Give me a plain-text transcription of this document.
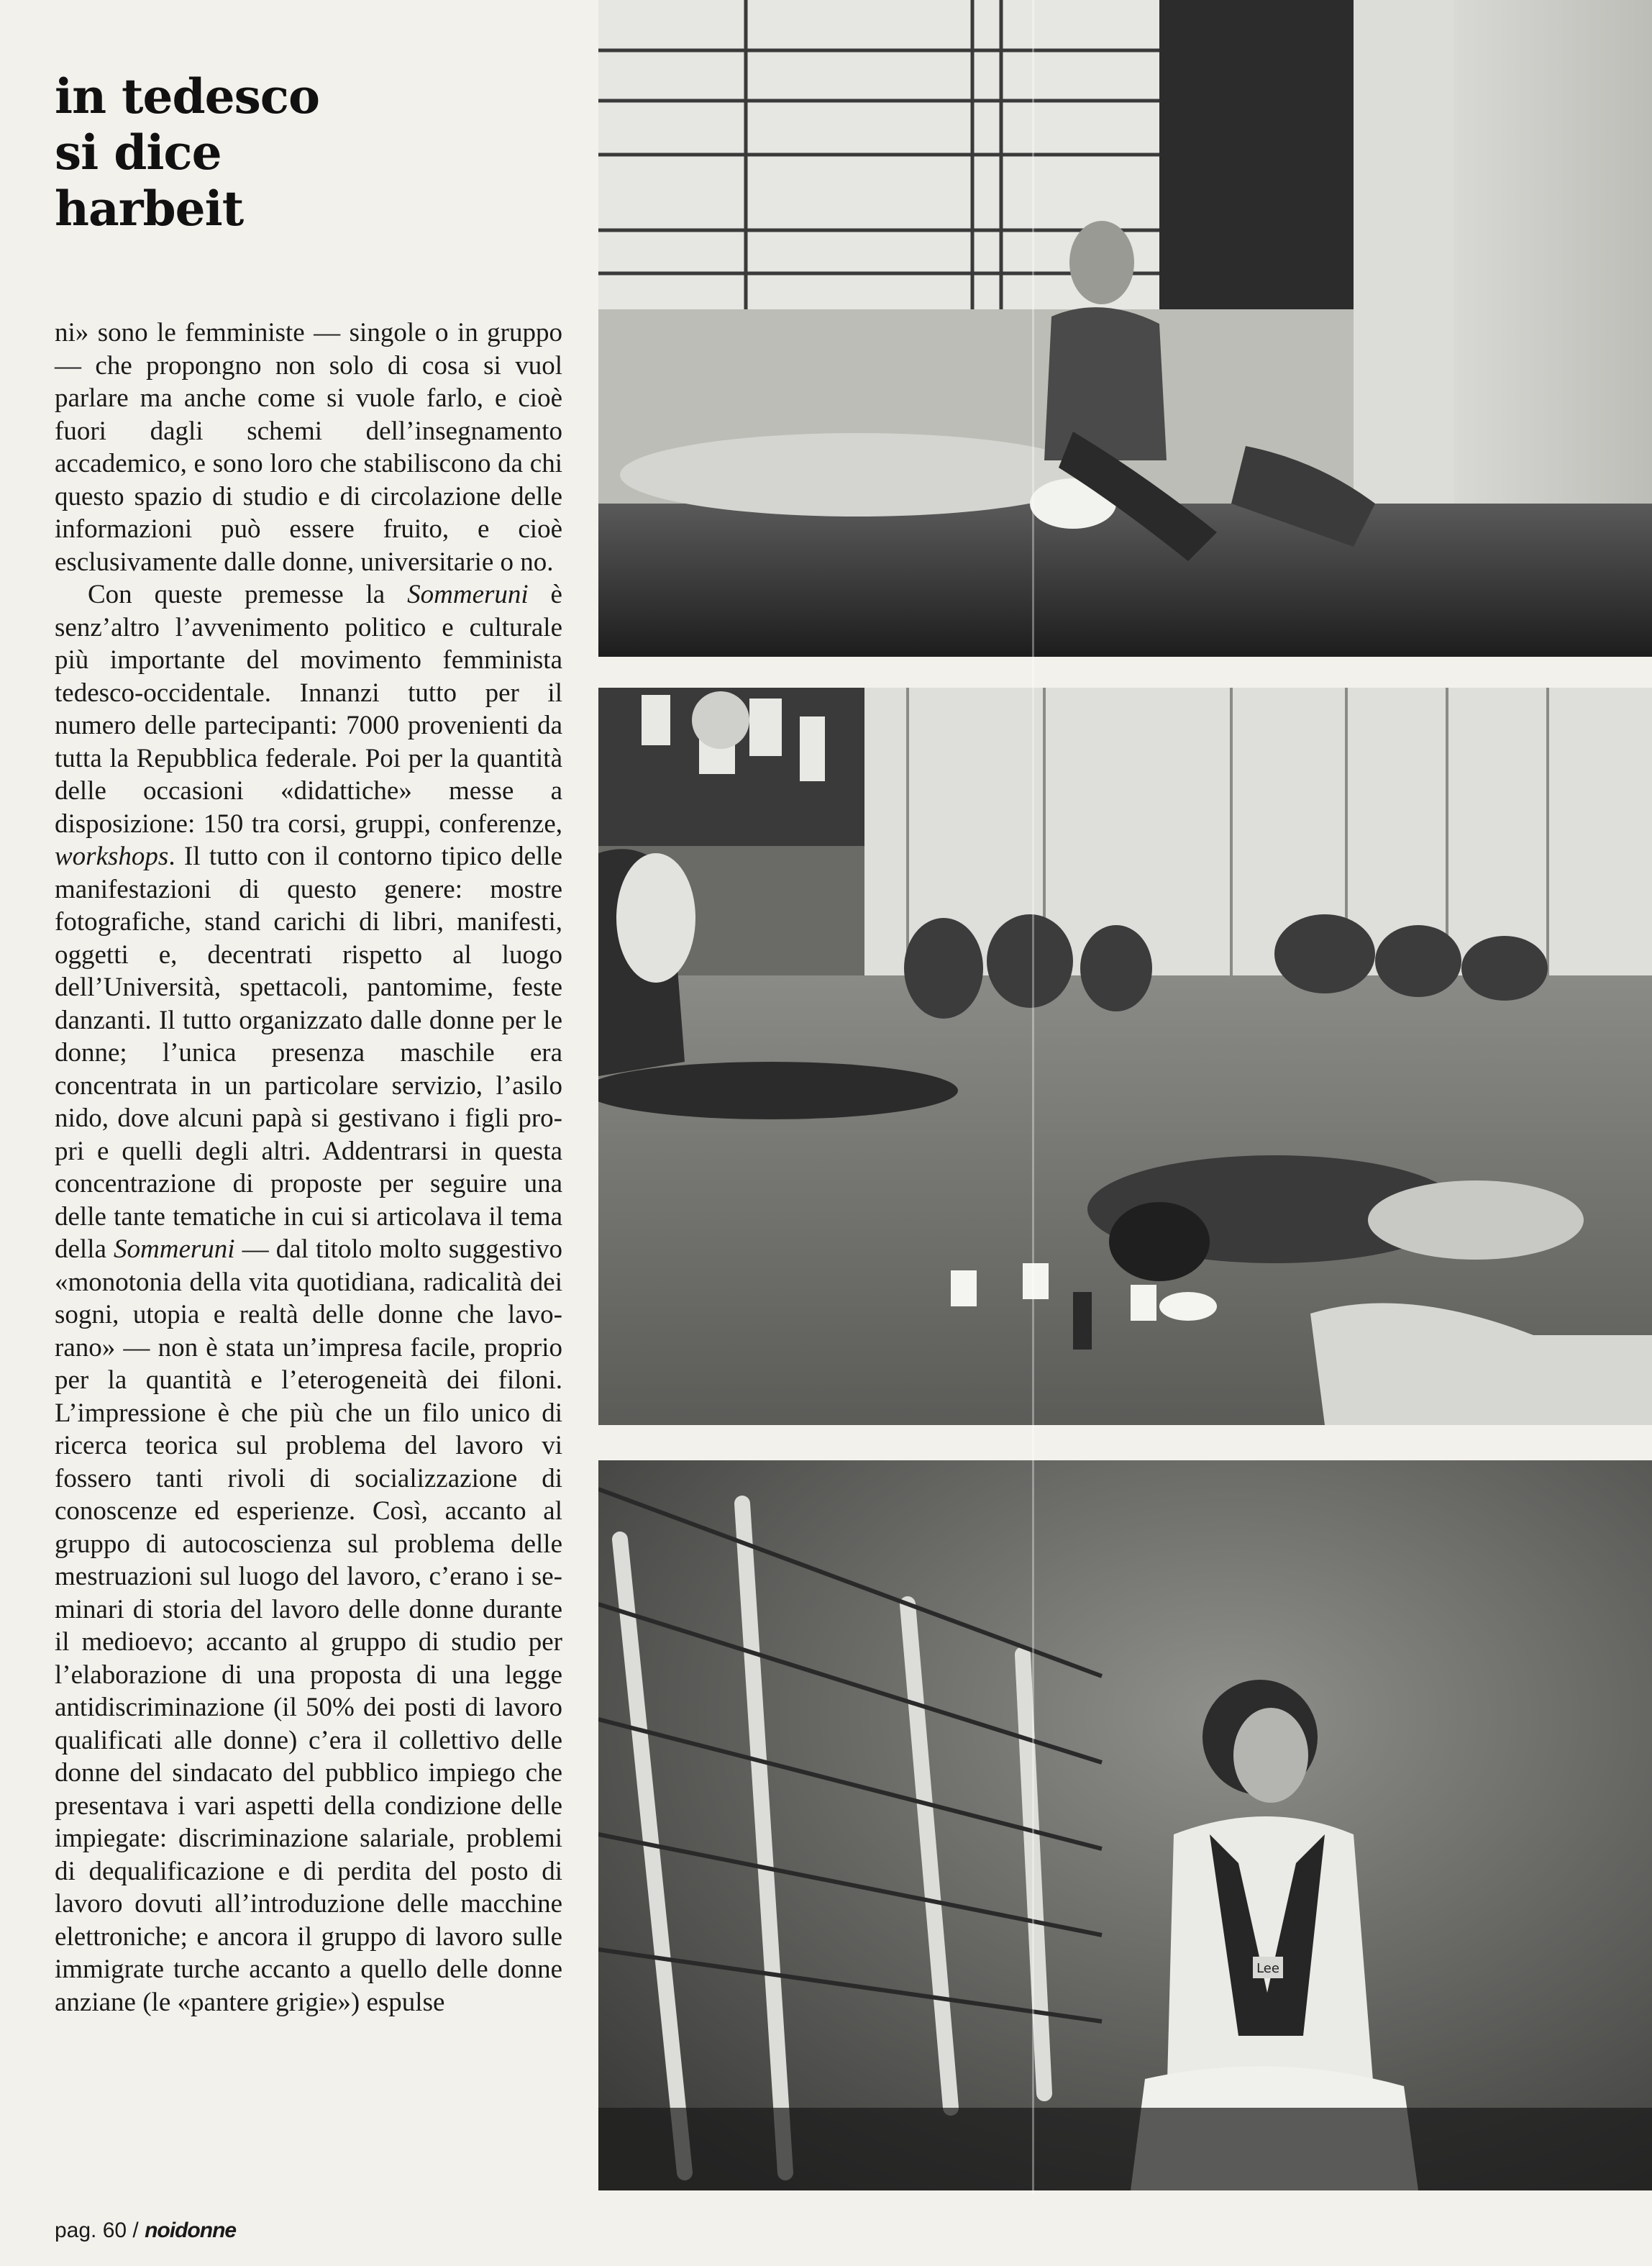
in tedesco
si dice
harbeit

ni» sono le femministe — singole o in gruppo — che propongno non solo di cosa si vuol parlare ma anche come si vuole farlo, e cioè fuori dagli schemi dell’insegnamento accademico, e sono loro che stabiliscono da chi questo spazio di studio e di circolazione delle informazioni può essere fruito, e cioè esclusivamente dalle donne, universitarie o no.

Con queste premesse la Sommeruni è senz’altro l’avvenimento politico e culturale più importante del movimento femminista tedesco-occidentale. Innanzi tutto per il numero delle partecipanti: 7000 provenienti da tutta la Repubblica federale. Poi per la quantità delle occasioni «didattiche» messe a disposizione: 150 tra corsi, gruppi, conferenze, workshops. Il tutto con il contorno tipico delle manifestazioni di questo genere: mostre fotografiche, stand carichi di libri, manifesti, oggetti e, decentrati rispetto al luogo dell’Università, spettacoli, pantomime, feste danzanti. Il tutto organizzato dalle donne per le donne; l’unica presenza maschile era concentrata in un particolare servizio, l’asilo nido, dove alcuni papà si gestivano i figli propri e quelli degli altri. Addentrarsi in questa concentrazione di proposte per seguire una delle tante tematiche in cui si articolava il tema della Sommeruni — dal titolo molto suggestivo «monotonia della vita quotidiana, radicalità dei sogni, utopia e realtà delle donne che lavorano» — non è stata un’impresa facile, proprio per la quantità e l’eterogeneità dei filoni. L’impressione è che più che un filo unico di ricerca teorica sul problema del lavoro vi fossero tanti rivoli di socializzazione di conoscenze ed esperienze. Così, accanto al gruppo di autocoscienza sul problema delle mestruazioni sul luogo del lavoro, c’erano i seminari di storia del lavoro delle donne durante il medioevo; accanto al gruppo di studio per l’elaborazione di una proposta di una legge antidiscriminazione (il 50% dei posti di lavoro qualificati alle donne) c’era il collettivo delle donne del sindacato del pubblico impiego che presentava i vari aspetti della condizione delle impiegate: discriminazione salariale, problemi di dequalificazione e di perdita del posto di lavoro dovuti all’introduzione delle macchine elettroniche; e ancora il gruppo di lavoro sulle immigrate turche accanto a quello delle donne anziane (le «pantere grigie») espulse

pag. 60 / noidonne
Lee
